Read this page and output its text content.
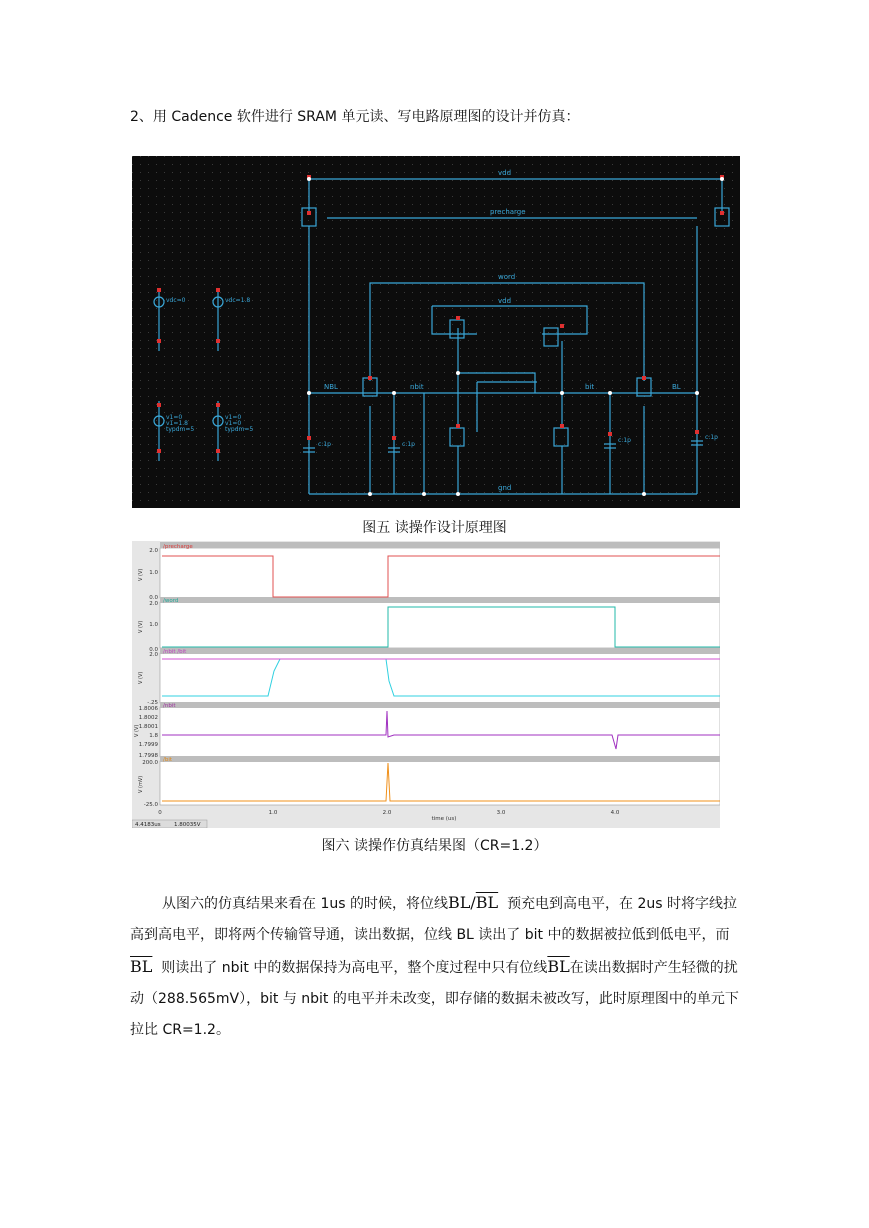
2、用 Cadence 软件进行 SRAM 单元读、写电路原理图的设计并仿真：
vdd
precharge
word
vdd
NBL	nbit	bit	BL
gnd
vdc=0	vdc=1.8
c:1p	c:1p
c:1p	c:1p
v1=0
v1=1.8
typdm=5
v1=0
v1=0
typdm=5
图五 读操作设计原理图
/precharge
/word
/nbit /bit
/nbit
/bit
2.0
1.0
0.0
2.0
1.0
0.0
2.0
-.25
1.8006
1.8002
1.8001
1.8
1.7999
1.7998
200.0
-25.0
V (V)
V (V)
V (V)
V (V)
V (mV)
0	1.0	2.0	3.0	4.0
time (us)
4.4183us 1.80035V
图六 读操作仿真结果图（CR=1.2）
从图六的仿真结果来看在 1us 的时候，将位线$BL/\overline{BL}$ 预充电到高电平，在 2us 时将字线拉高到高电平，即将两个传输管导通，读出数据，位线 BL 读出了 bit 中的数据被拉低到低电平，而$\overline{BL}$ 则读出了 nbit 中的数据保持为高电平，整个度过程中只有位线$\overline{BL}$在读出数据时产生轻微的扰动（288.565mV），bit 与 nbit 的电平并未改变，即存储的数据未被改写，此时原理图中的单元下拉比 CR=1.2。
